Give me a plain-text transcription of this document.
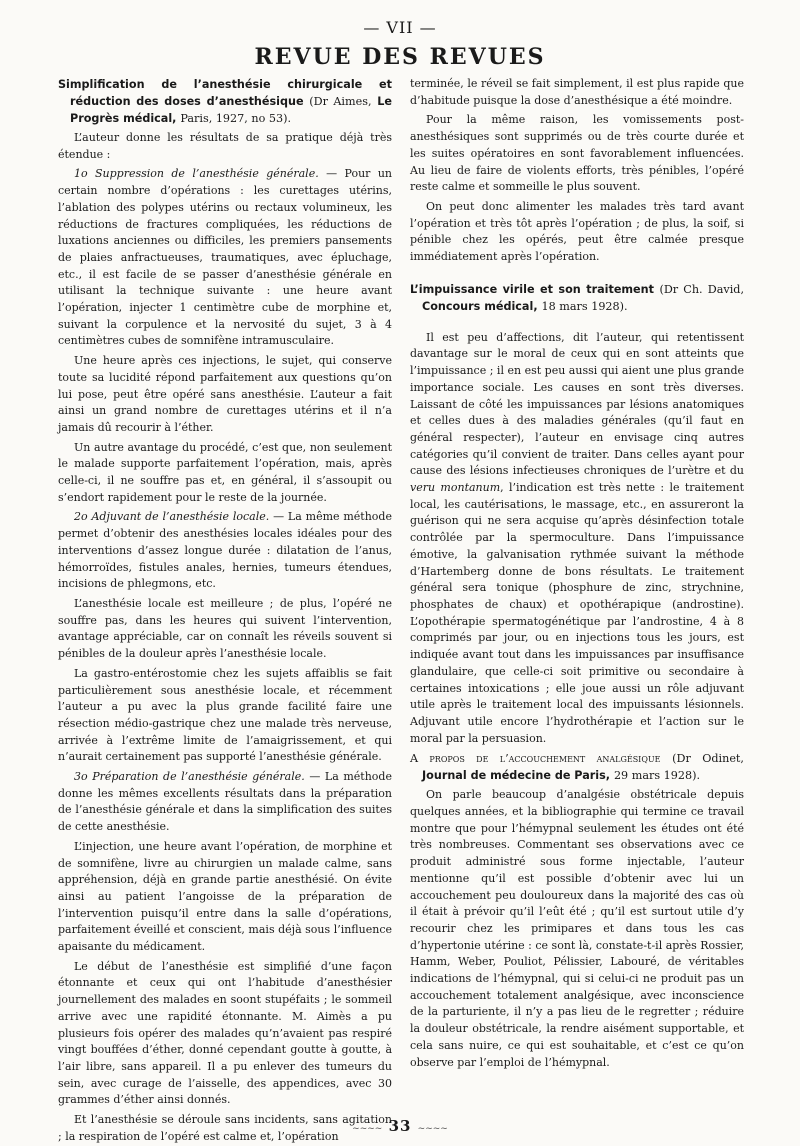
— VII —
REVUE DES REVUES
Simplification de l’anesthésie chirurgicale et réduction des doses d’anesthésique (Dr Aimes, Le Progrès médical, Paris, 1927, no 53).

L’auteur donne les résultats de sa pratique déjà très étendue :

1o Suppression de l’anesthésie générale. — Pour un certain nombre d’opérations : les curettages utérins, l’ablation des polypes utérins ou rectaux volumineux, les réductions de fractures compliquées, les réductions de luxations anciennes ou difficiles, les premiers pansements de plaies anfractueuses, traumatiques, avec épluchage, etc., il est facile de se passer d’anesthésie générale en utilisant la technique suivante : une heure avant l’opération, injecter 1 centimètre cube de morphine et, suivant la corpulence et la nervosité du sujet, 3 à 4 centimètres cubes de somnifène intramusculaire.

Une heure après ces injections, le sujet, qui conserve toute sa lucidité répond parfaitement aux questions qu’on lui pose, peut être opéré sans anesthésie. L’auteur a fait ainsi un grand nombre de curettages utérins et il n’a jamais dû recourir à l’éther.

Un autre avantage du procédé, c’est que, non seulement le malade supporte parfaitement l’opération, mais, après celle-ci, il ne souffre pas et, en général, il s’assoupit ou s’endort rapidement pour le reste de la journée.

2o Adjuvant de l’anesthésie locale. — La même méthode permet d’obtenir des anesthésies locales idéales pour des interventions d’assez longue durée : dilatation de l’anus, hémorroïdes, fistules anales, hernies, tumeurs étendues, incisions de phlegmons, etc.

L’anesthésie locale est meilleure ; de plus, l’opéré ne souffre pas, dans les heures qui suivent l’intervention, avantage appréciable, car on connaît les réveils souvent si pénibles de la douleur après l’anesthésie locale.

La gastro-entérostomie chez les sujets affaiblis se fait particulièrement sous anesthésie locale, et récemment l’auteur a pu avec la plus grande facilité faire une résection médio-gastrique chez une malade très nerveuse, arrivée à l’extrême limite de l’amaigrissement, et qui n’aurait certainement pas supporté l’anesthésie générale.

3o Préparation de l’anesthésie générale. — La méthode donne les mêmes excellents résultats dans la préparation de l’anesthésie générale et dans la simplification des suites de cette anesthésie.

L’injection, une heure avant l’opération, de morphine et de somnifène, livre au chirurgien un malade calme, sans appréhension, déjà en grande partie anesthésié. On évite ainsi au patient l’angoisse de la préparation de l’intervention puisqu’il entre dans la salle d’opérations, parfaitement éveillé et conscient, mais déjà sous l’influence apaisante du médicament.

Le début de l’anesthésie est simplifié d’une façon étonnante et ceux qui ont l’habitude d’anesthésier journellement des malades en soont stupéfaits ; le sommeil arrive avec une rapidité étonnante. M. Aimès a pu plusieurs fois opérer des malades qu’n’avaient pas respiré vingt bouffées d’éther, donné cependant goutte à goutte, à l’air libre, sans appareil. Il a pu enlever des tumeurs du sein, avec curage de l’aisselle, des appendices, avec 30 grammes d’éther ainsi donnés.

Et l’anesthésie se déroule sans incidents, sans agitation ; la respiration de l’opéré est calme et, l’opération

terminée, le réveil se fait simplement, il est plus rapide que d’habitude puisque la dose d’anesthésique a été moindre.

Pour la même raison, les vomissements post-anesthésiques sont supprimés ou de très courte durée et les suites opératoires en sont favorablement influencées. Au lieu de faire de violents efforts, très pénibles, l’opéré reste calme et sommeille le plus souvent.

On peut donc alimenter les malades très tard avant l’opération et très tôt après l’opération ; de plus, la soif, si pénible chez les opérés, peut être calmée presque immédiatement après l’opération.

L’impuissance virile et son traitement (Dr Ch. David, Concours médical, 18 mars 1928).

Il est peu d’affections, dit l’auteur, qui retentissent davantage sur le moral de ceux qui en sont atteints que l’impuissance ; il en est peu aussi qui aient une plus grande importance sociale. Les causes en sont très diverses. Laissant de côté les impuissances par lésions anatomiques et celles dues à des maladies générales (qu’il faut en général respecter), l’auteur en envisage cinq autres catégories qu’il convient de traiter. Dans celles ayant pour cause des lésions infectieuses chroniques de l’urètre et du veru montanum, l’indication est très nette : le traitement local, les cautérisations, le massage, etc., en assureront la guérison qui ne sera acquise qu’après désinfection totale contrôlée par la spermoculture. Dans l’impuissance émotive, la galvanisation rythmée suivant la méthode d’Hartemberg donne de bons résultats. Le traitement général sera tonique (phosphure de zinc, strychnine, phosphates de chaux) et opothérapique (androstine). L’opothérapie spermatogénétique par l’androstine, 4 à 8 comprimés par jour, ou en injections tous les jours, est indiquée avant tout dans les impuissances par insuffisance glandulaire, que celle-ci soit primitive ou secondaire à certaines intoxications ; elle joue aussi un rôle adjuvant utile après le traitement local des impuissants lésionnels. Adjuvant utile encore l’hydrothérapie et l’action sur le moral par la persuasion.

A propos de l’accouchement analgésique (Dr Odinet, Journal de médecine de Paris, 29 mars 1928).

On parle beaucoup d’analgésie obstétricale depuis quelques années, et la bibliographie qui termine ce travail montre que pour l’hémypnal seulement les études ont été très nombreuses. Commentant ses observations avec ce produit administré sous forme injectable, l’auteur mentionne qu’il est possible d’obtenir avec lui un accouchement peu douloureux dans la majorité des cas où il était à prévoir qu’il l’eût été ; qu’il est surtout utile d’y recourir chez les primipares et dans tous les cas d’hypertonie utérine : ce sont là, constate-t-il après Rossier, Hamm, Weber, Pouliot, Pélissier, Labouré, de véritables indications de l’hémypnal, qui si celui-ci ne produit pas un accouchement totalement analgésique, avec inconscience de la parturiente, il n’y a pas lieu de le regretter ; réduire la douleur obstétricale, la rendre aisément supportable, et cela sans nuire, ce qui est souhaitable, et c’est ce qu’on observe par l’emploi de l’hémypnal.

~~~~ 33 ~~~~
